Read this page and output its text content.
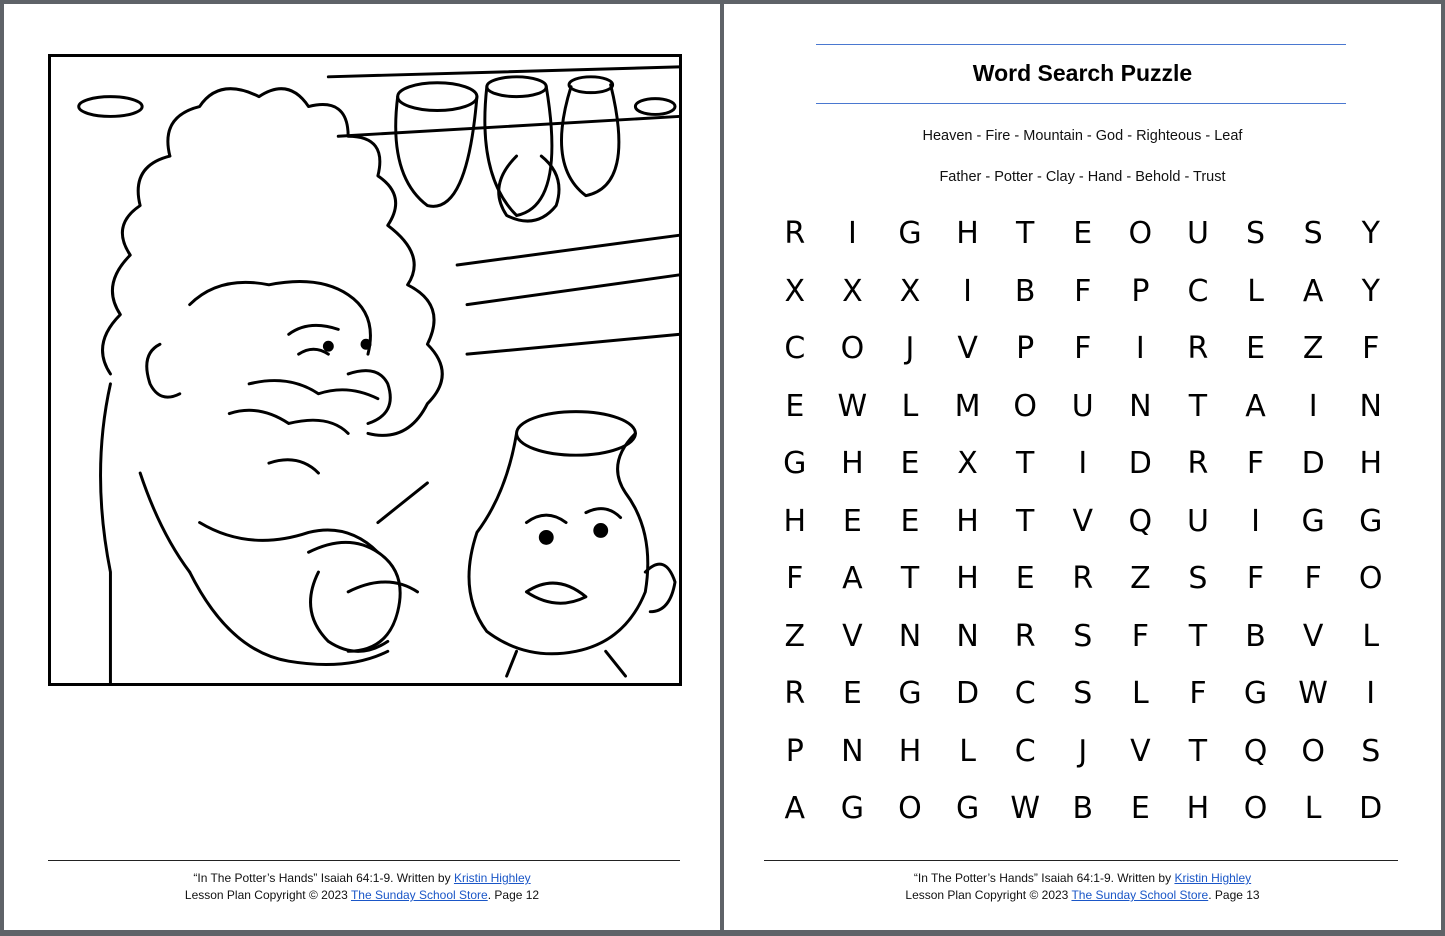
“In The Potter’s Hands” Isaiah 64:1-9. Written by Kristin Highley
Lesson Plan Copyright © 2023 The Sunday School Store. Page 12
Word Search Puzzle
Heaven - Fire - Mountain - God - Righteous - Leaf
Father - Potter - Clay - Hand - Behold - Trust
R	I	G	H	T	E	O	U	S	S	Y
X	X	X	I	B	F	P	C	L	A	Y
C	O	J	V	P	F	I	R	E	Z	F
E	W	L	M	O	U	N	T	A	I	N
G	H	E	X	T	I	D	R	F	D	H
H	E	E	H	T	V	Q	U	I	G	G
F	A	T	H	E	R	Z	S	F	F	O
Z	V	N	N	R	S	F	T	B	V	L
R	E	G	D	C	S	L	F	G	W	I
P	N	H	L	C	J	V	T	Q	O	S
A	G	O	G	W	B	E	H	O	L	D
“In The Potter’s Hands” Isaiah 64:1-9. Written by Kristin Highley
Lesson Plan Copyright © 2023 The Sunday School Store. Page 13
